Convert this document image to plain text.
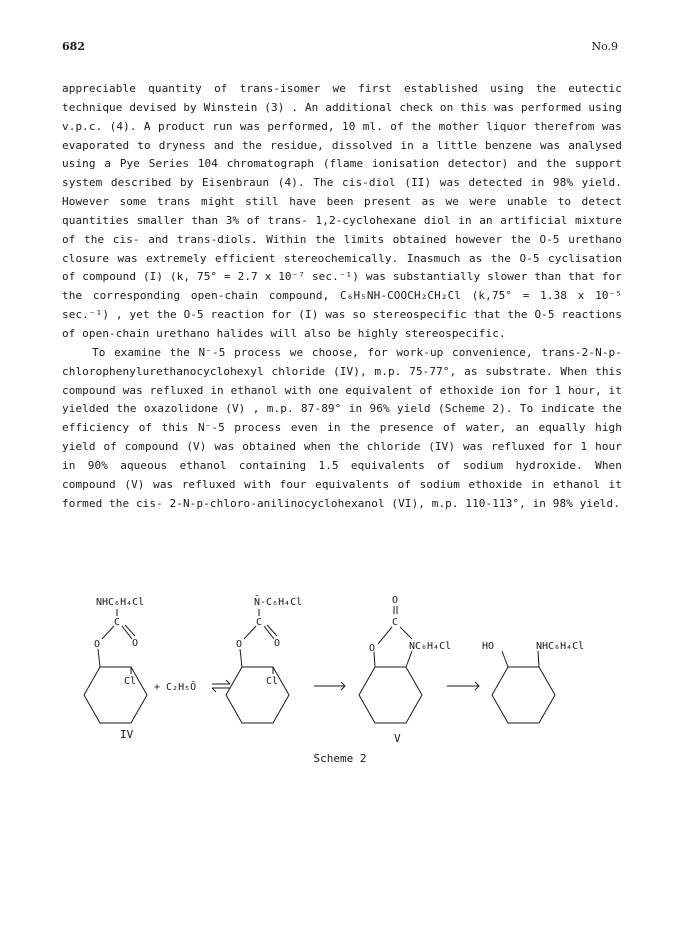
682	No.9

appreciable quantity of trans-isomer we first established using the eutectic technique devised by Winstein (3) . An additional check on this was performed using v.p.c. (4). A product run was performed, 10 ml. of the mother liquor therefrom was evaporated to dryness and the residue, dissolved in a little benzene was analysed using a Pye Series 104 chromatograph (flame ionisation detector) and the support system described by Eisenbraun (4). The cis-diol (II) was detected in 98% yield. However some trans might still have been present as we were unable to detect quantities smaller than 3% of trans- 1,2-cyclohexane diol in an artificial mixture of the cis- and trans-diols. Within the limits obtained however the O-5 urethano closure was extremely efficient stereochemically. Inasmuch as the O-5 cyclisation of compound (I) (k, 75° = 2.7 x 10⁻⁷ sec.⁻¹) was substantially slower than that for the corresponding open-chain compound, C₆H₅NH-COOCH₂CH₂Cl (k,75° = 1.38 x 10⁻⁵ sec.⁻¹) , yet the O-5 reaction for (I) was so stereospecific that the O-5 reactions of open-chain urethano halides will also be highly stereospecific.

To examine the N⁻-5 process we choose, for work-up convenience, trans-2-N-p-chlorophenylurethanocyclohexyl chloride (IV), m.p. 75-77°, as substrate. When this compound was refluxed in ethanol with one equivalent of ethoxide ion for 1 hour, it yielded the oxazolidone (V) , m.p. 87-89° in 96% yield (Scheme 2). To indicate the efficiency of this N⁻-5 process even in the presence of water, an equally high yield of compound (V) was obtained when the chloride (IV) was refluxed for 1 hour in 90% aqueous ethanol containing 1.5 equivalents of sodium hydroxide. When compound (V) was refluxed with four equivalents of sodium ethoxide in ethanol it formed the cis- 2-N-p-chloro-anilinocyclohexanol (VI), m.p. 110-113°, in 98% yield.

NHC₆H₄Cl
C
O	O
Cl
+ C₂H₅Ō
N̄-C₆H₄Cl
C
O	O
Cl
O
C
O	NC₆H₄Cl	HO	NHC₆H₄Cl
IV	V
Scheme 2
